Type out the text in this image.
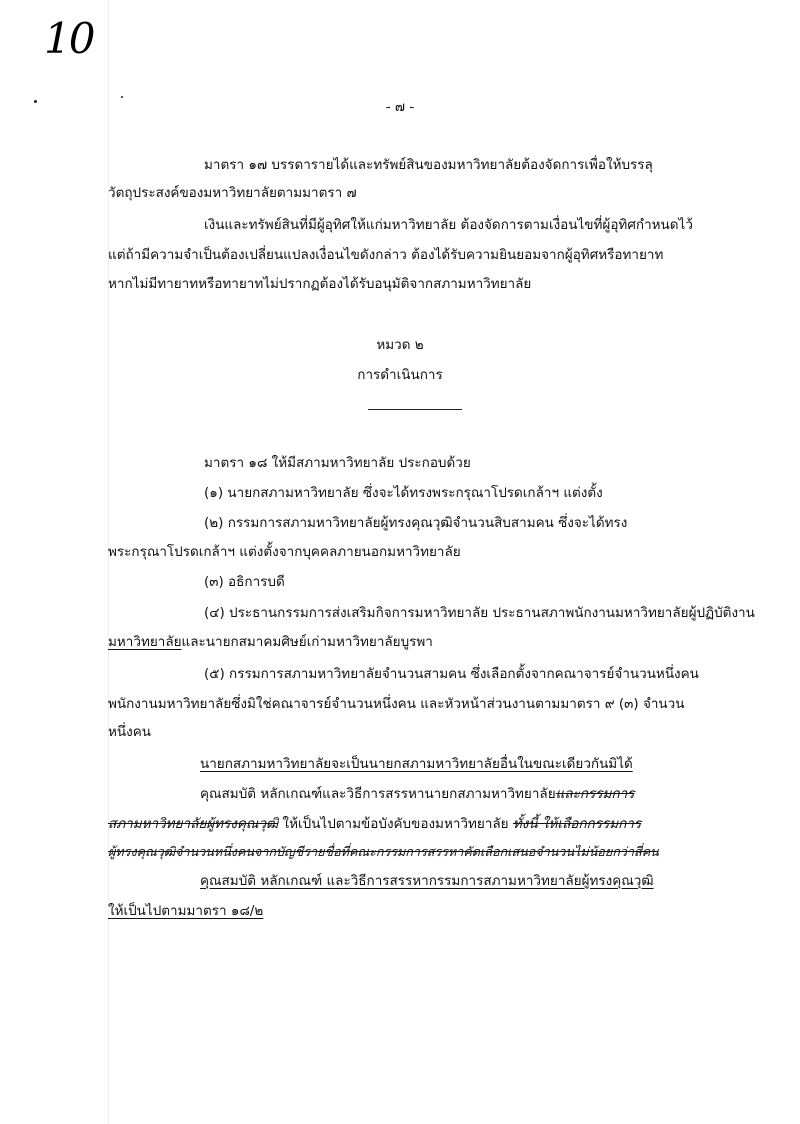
10
- ๗ -
มาตรา ๑๗ บรรดารายได้และทรัพย์สินของมหาวิทยาลัยต้องจัดการเพื่อให้บรรลุ
วัตถุประสงค์ของมหาวิทยาลัยตามมาตรา ๗
เงินและทรัพย์สินที่มีผู้อุทิศให้แก่มหาวิทยาลัย ต้องจัดการตามเงื่อนไขที่ผู้อุทิศกำหนดไว้
แต่ถ้ามีความจำเป็นต้องเปลี่ยนแปลงเงื่อนไขดังกล่าว ต้องได้รับความยินยอมจากผู้อุทิศหรือทายาท
หากไม่มีทายาทหรือทายาทไม่ปรากฏต้องได้รับอนุมัติจากสภามหาวิทยาลัย
หมวด ๒
การดำเนินการ
มาตรา ๑๘ ให้มีสภามหาวิทยาลัย ประกอบด้วย
(๑) นายกสภามหาวิทยาลัย ซึ่งจะได้ทรงพระกรุณาโปรดเกล้าฯ แต่งตั้ง
(๒) กรรมการสภามหาวิทยาลัยผู้ทรงคุณวุฒิจำนวนสิบสามคน ซึ่งจะได้ทรง
พระกรุณาโปรดเกล้าฯ แต่งตั้งจากบุคคลภายนอกมหาวิทยาลัย
(๓) อธิการบดี
(๔) ประธานกรรมการส่งเสริมกิจการมหาวิทยาลัย ประธานสภาพนักงานมหาวิทยาลัยผู้ปฏิบัติงาน
มหาวิทยาลัยและนายกสมาคมศิษย์เก่ามหาวิทยาลัยบูรพา
(๕) กรรมการสภามหาวิทยาลัยจำนวนสามคน ซึ่งเลือกตั้งจากคณาจารย์จำนวนหนึ่งคน
พนักงานมหาวิทยาลัยซึ่งมิใช่คณาจารย์จำนวนหนึ่งคน และหัวหน้าส่วนงานตามมาตรา ๙ (๓) จำนวน
หนึ่งคน
นายกสภามหาวิทยาลัยจะเป็นนายกสภามหาวิทยาลัยอื่นในขณะเดียวกันมิได้
คุณสมบัติ หลักเกณฑ์และวิธีการสรรหานายกสภามหาวิทยาลัยและกรรมการ
สภามหาวิทยาลัยผู้ทรงคุณวุฒิ ให้เป็นไปตามข้อบังคับของมหาวิทยาลัย ทั้งนี้ ให้เลือกกรรมการ
ผู้ทรงคุณวุฒิจำนวนหนึ่งคนจากบัญชีรายชื่อที่คณะกรรมการสรรหาคัดเลือกเสนอจำนวนไม่น้อยกว่าสี่คน
คุณสมบัติ หลักเกณฑ์ และวิธีการสรรหากรรมการสภามหาวิทยาลัยผู้ทรงคุณวุฒิ
ให้เป็นไปตามมาตรา ๑๘/๒
